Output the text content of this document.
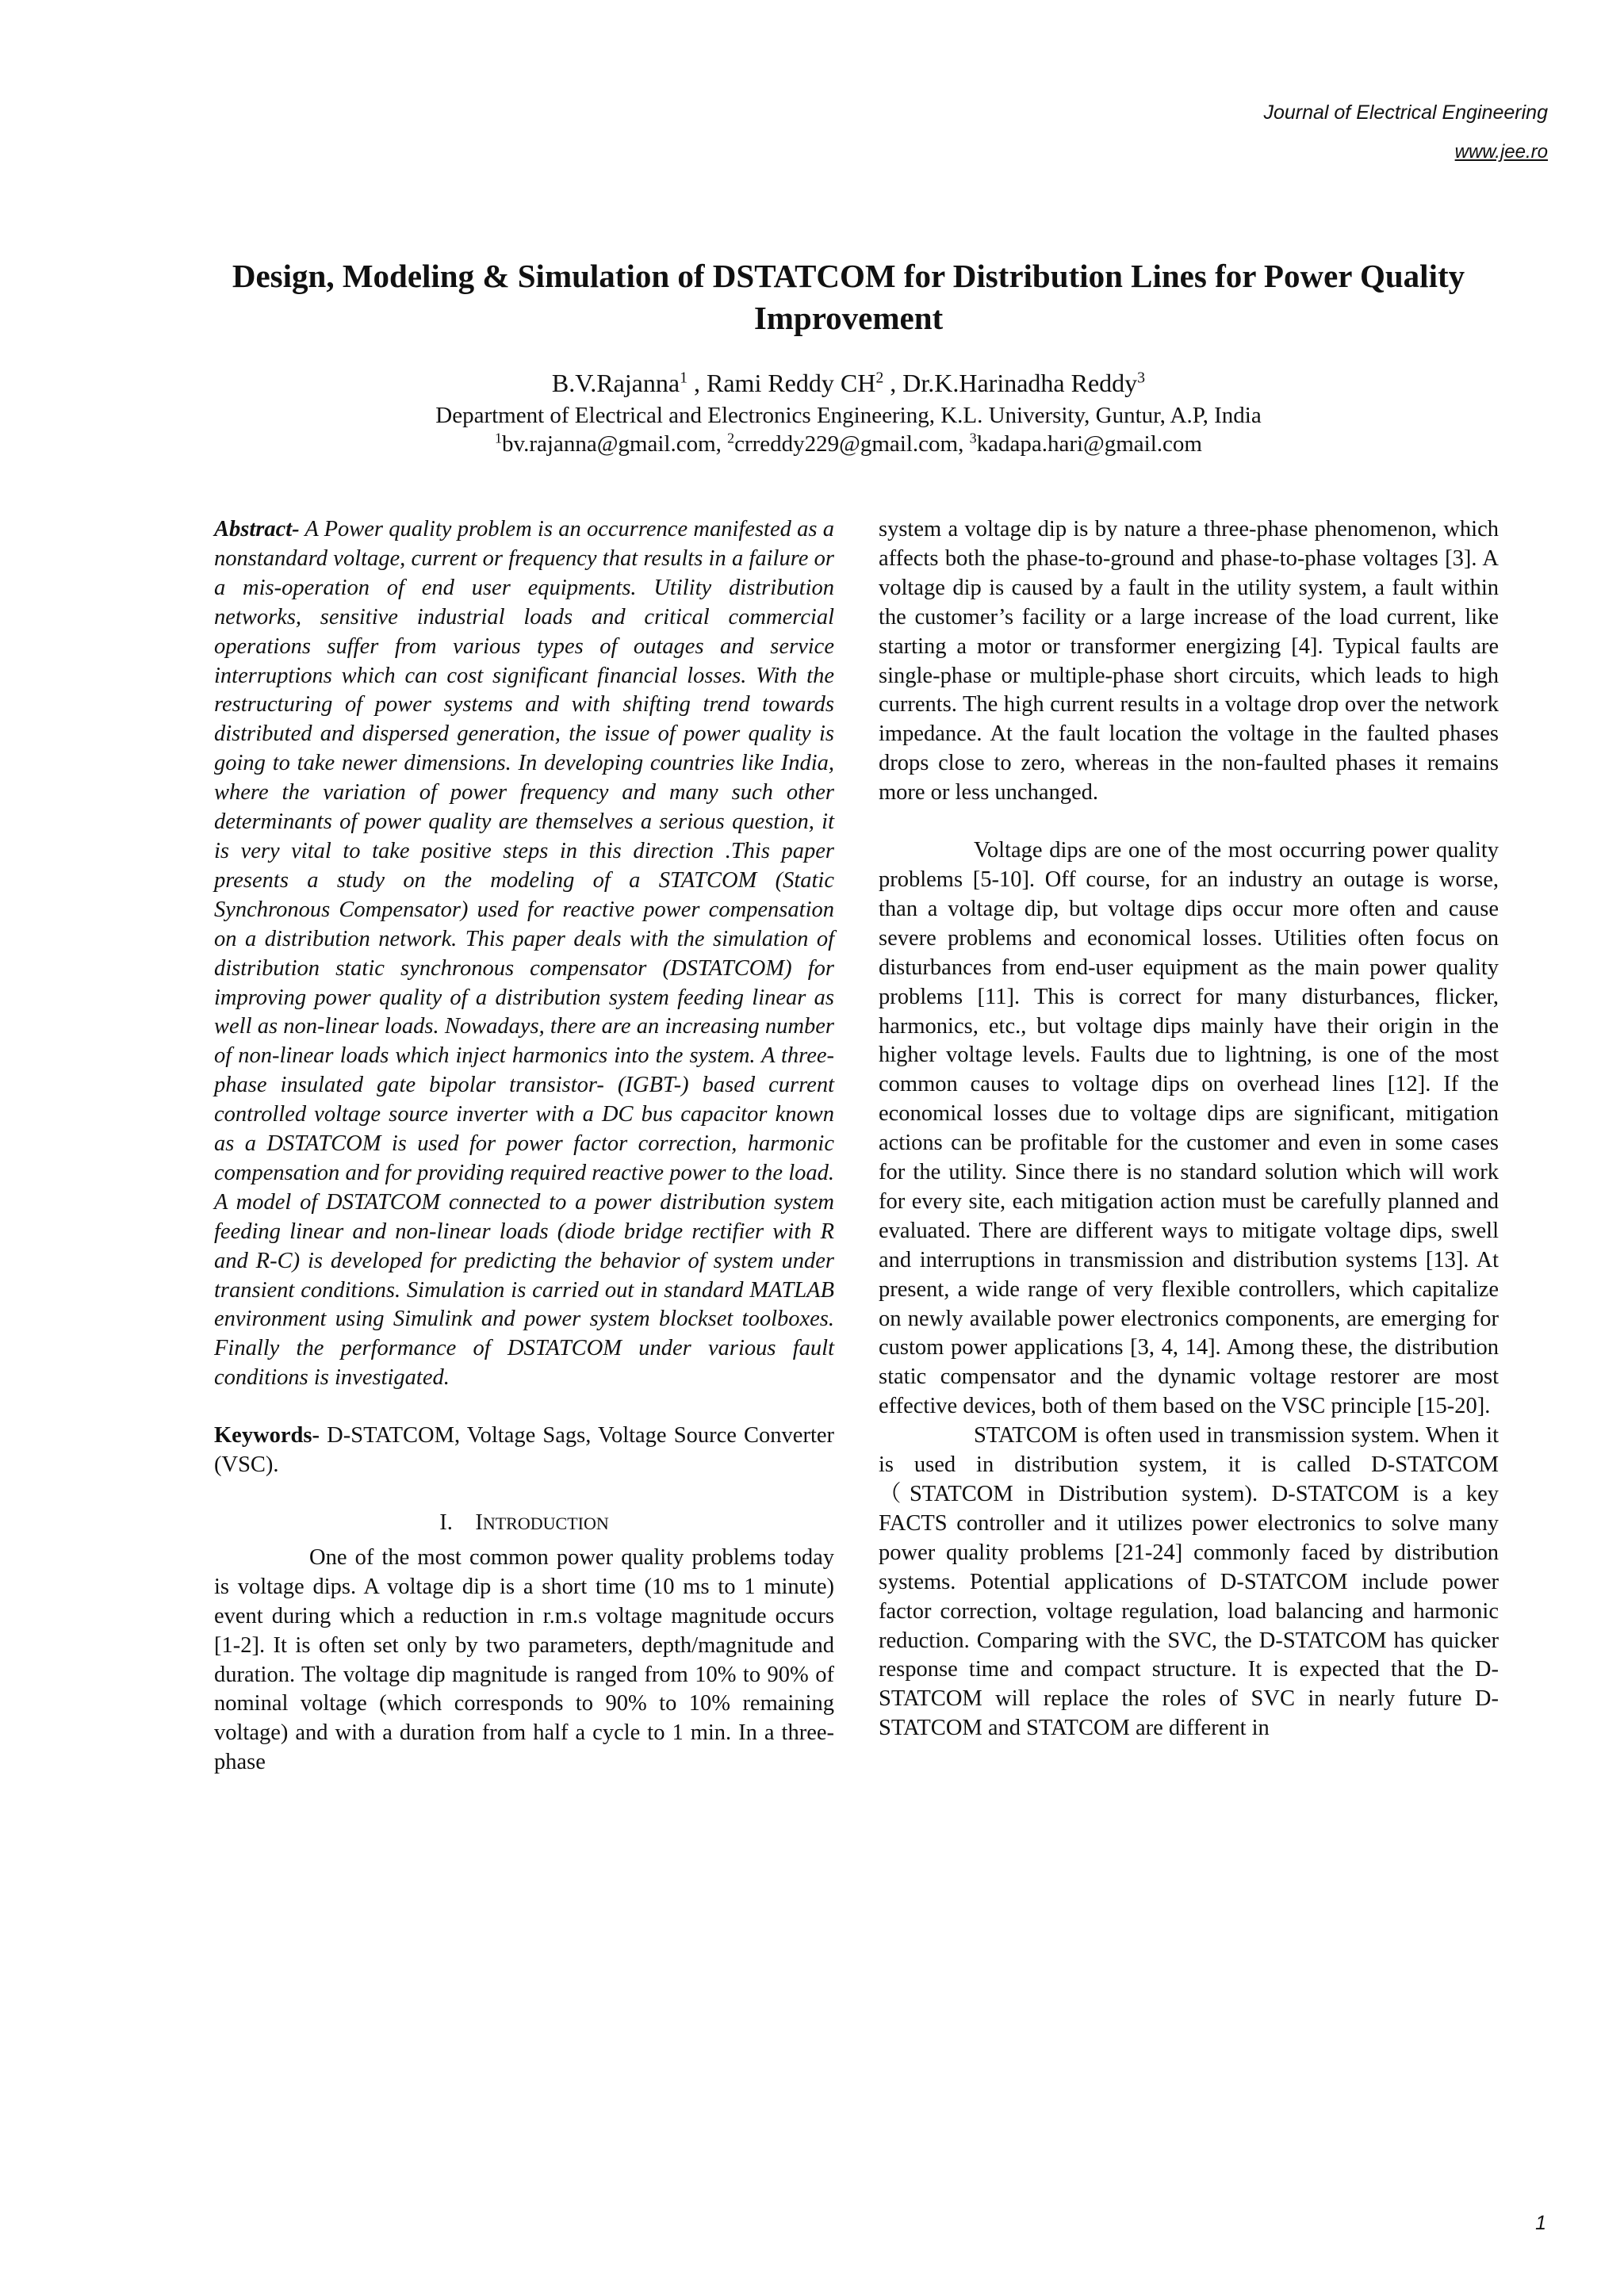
Journal of Electrical Engineering
www.jee.ro
Design, Modeling & Simulation of DSTATCOM for Distribution Lines for Power Quality Improvement
B.V.Rajanna$^1$ , Rami Reddy $CH^2$ , Dr.K.Harinadha Reddy$^3$
Department of Electrical and Electronics Engineering, K.L. University, Guntur, A.P, India
$^1$bv.rajanna@gmail.com, $^2$crreddy229@gmail.com, $^3$kadapa.hari@gmail.com

Abstract- A Power quality problem is an occurrence manifested as a nonstandard voltage, current or frequency that results in a failure or a mis-operation of end user equipments. Utility distribution networks, sensitive industrial loads and critical commercial operations suffer from various types of outages and service interruptions which can cost significant financial losses. With the restructuring of power systems and with shifting trend towards distributed and dispersed generation, the issue of power quality is going to take newer dimensions. In developing countries like India, where the variation of power frequency and many such other determinants of power quality are themselves a serious question, it is very vital to take positive steps in this direction .This paper presents a study on the modeling of a STATCOM (Static Synchronous Compensator) used for reactive power compensation on a distribution network. This paper deals with the simulation of distribution static synchronous compensator (DSTATCOM) for improving power quality of a distribution system feeding linear as well as non-linear loads. Nowadays, there are an increasing number of non-linear loads which inject harmonics into the system. A three-phase insulated gate bipolar transistor- (IGBT-) based current controlled voltage source inverter with a DC bus capacitor known as a DSTATCOM is used for power factor correction, harmonic compensation and for providing required reactive power to the load. A model of DSTATCOM connected to a power distribution system feeding linear and non-linear loads (diode bridge rectifier with R and R-C) is developed for predicting the behavior of system under transient conditions. Simulation is carried out in standard MATLAB environment using Simulink and power system blockset toolboxes. Finally the performance of DSTATCOM under various fault conditions is investigated.

Keywords- D-STATCOM, Voltage Sags, Voltage Source Converter (VSC).

I. INTRODUCTION

One of the most common power quality problems today is voltage dips. A voltage dip is a short time (10 ms to 1 minute) event during which a reduction in r.m.s voltage magnitude occurs [1-2]. It is often set only by two parameters, depth/magnitude and duration. The voltage dip magnitude is ranged from 10% to 90% of nominal voltage (which corresponds to 90% to 10% remaining voltage) and with a duration from half a cycle to 1 min. In a three-phase

system a voltage dip is by nature a three-phase phenomenon, which affects both the phase-to-ground and phase-to-phase voltages [3]. A voltage dip is caused by a fault in the utility system, a fault within the customer’s facility or a large increase of the load current, like starting a motor or transformer energizing [4]. Typical faults are single-phase or multiple-phase short circuits, which leads to high currents. The high current results in a voltage drop over the network impedance. At the fault location the voltage in the faulted phases drops close to zero, whereas in the non-faulted phases it remains more or less unchanged.

Voltage dips are one of the most occurring power quality problems [5-10]. Off course, for an industry an outage is worse, than a voltage dip, but voltage dips occur more often and cause severe problems and economical losses. Utilities often focus on disturbances from end-user equipment as the main power quality problems [11]. This is correct for many disturbances, flicker, harmonics, etc., but voltage dips mainly have their origin in the higher voltage levels. Faults due to lightning, is one of the most common causes to voltage dips on overhead lines [12]. If the economical losses due to voltage dips are significant, mitigation actions can be profitable for the customer and even in some cases for the utility. Since there is no standard solution which will work for every site, each mitigation action must be carefully planned and evaluated. There are different ways to mitigate voltage dips, swell and interruptions in transmission and distribution systems [13]. At present, a wide range of very flexible controllers, which capitalize on newly available power electronics components, are emerging for custom power applications [3, 4, 14]. Among these, the distribution static compensator and the dynamic voltage restorer are most effective devices, both of them based on the VSC principle [15-20].

STATCOM is often used in transmission system. When it is used in distribution system, it is called D-STATCOM（STATCOM in Distribution system). D-STATCOM is a key FACTS controller and it utilizes power electronics to solve many power quality problems [21-24] commonly faced by distribution systems. Potential applications of D-STATCOM include power factor correction, voltage regulation, load balancing and harmonic reduction. Comparing with the SVC, the D-STATCOM has quicker response time and compact structure. It is expected that the D-STATCOM will replace the roles of SVC in nearly future D-STATCOM and STATCOM are different in

1
